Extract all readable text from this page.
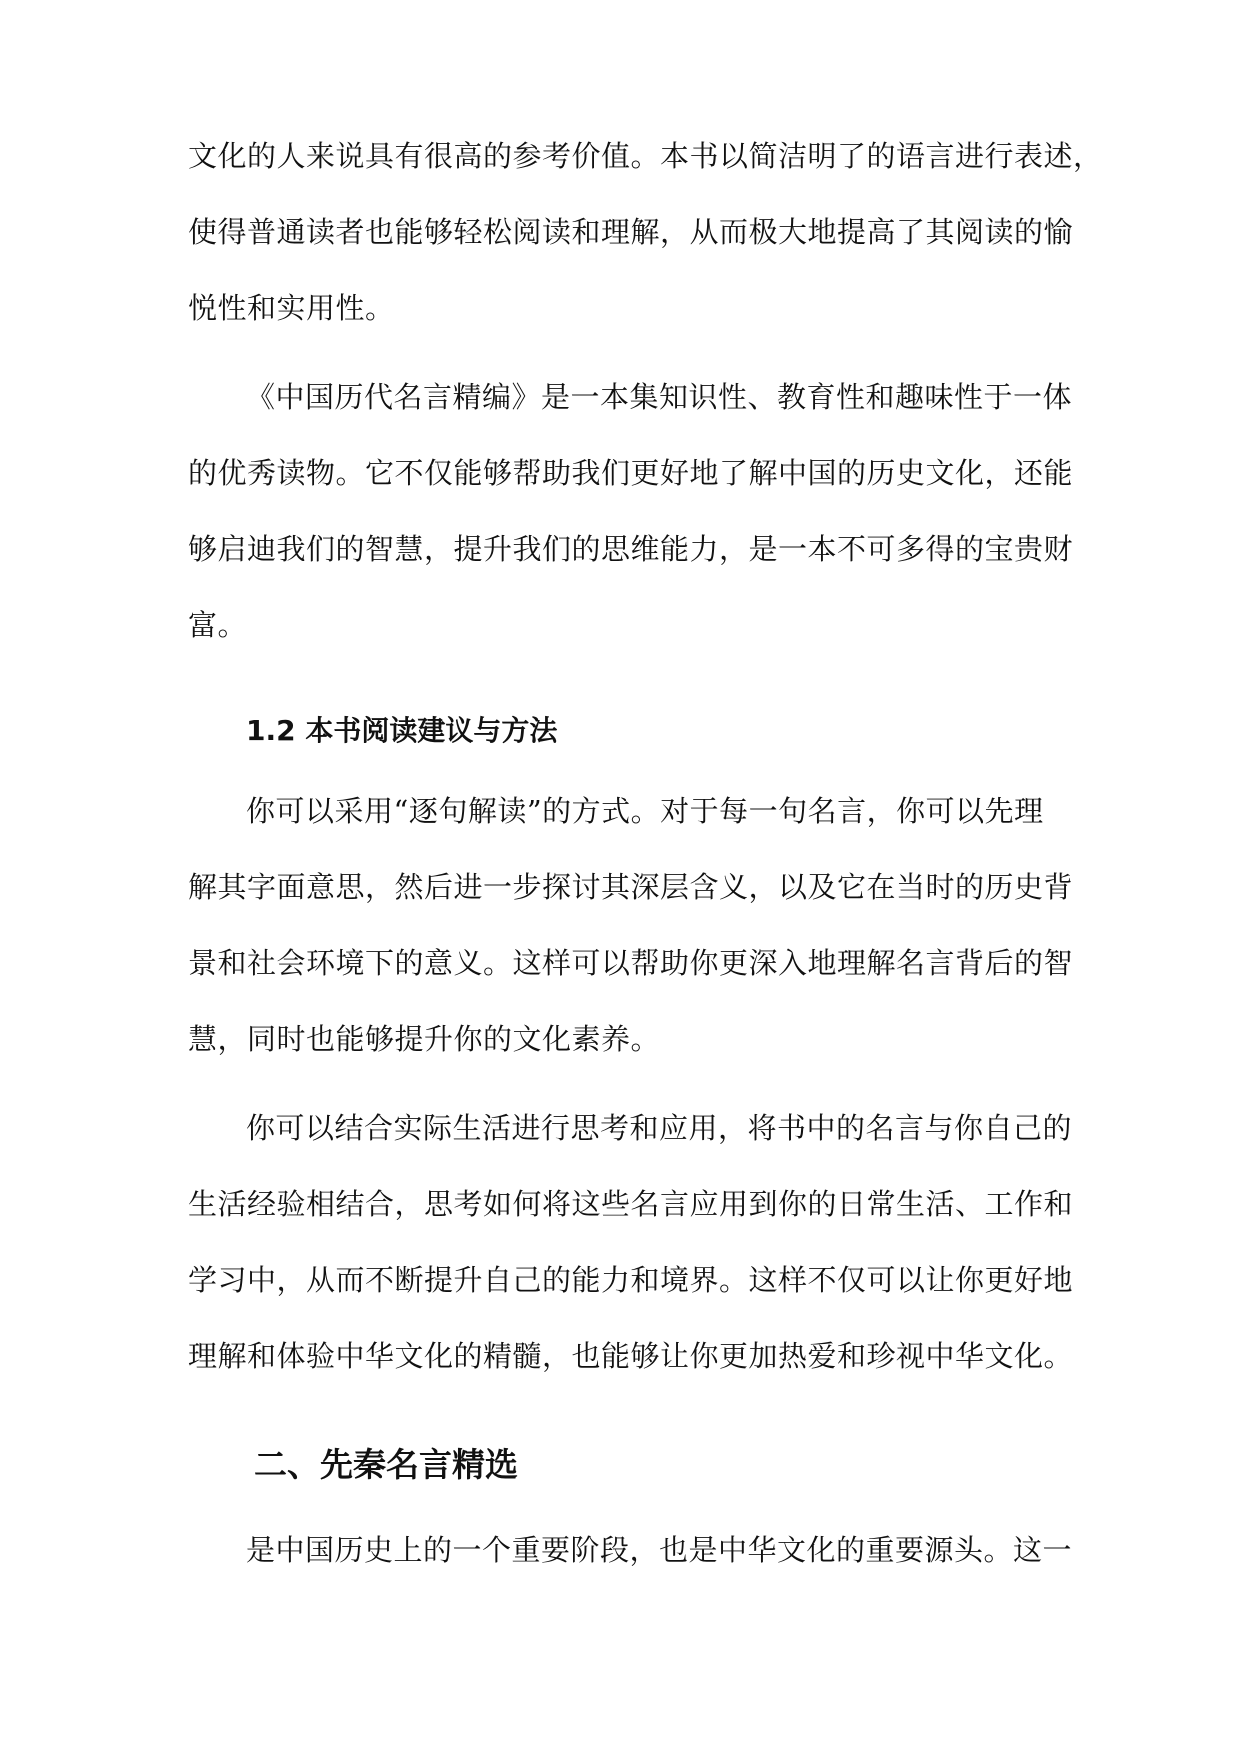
文化的人来说具有很高的参考价值。本书以简洁明了的语言进行表述，
使得普通读者也能够轻松阅读和理解，从而极大地提高了其阅读的愉
悦性和实用性。
《中国历代名言精编》是一本集知识性、教育性和趣味性于一体
的优秀读物。它不仅能够帮助我们更好地了解中国的历史文化，还能
够启迪我们的智慧，提升我们的思维能力，是一本不可多得的宝贵财
富。
1.2 本书阅读建议与方法
你可以采用“逐句解读”的方式。对于每一句名言，你可以先理
解其字面意思，然后进一步探讨其深层含义，以及它在当时的历史背
景和社会环境下的意义。这样可以帮助你更深入地理解名言背后的智
慧，同时也能够提升你的文化素养。
你可以结合实际生活进行思考和应用，将书中的名言与你自己的
生活经验相结合，思考如何将这些名言应用到你的日常生活、工作和
学习中，从而不断提升自己的能力和境界。这样不仅可以让你更好地
理解和体验中华文化的精髓，也能够让你更加热爱和珍视中华文化。
二、先秦名言精选
是中国历史上的一个重要阶段，也是中华文化的重要源头。这一
